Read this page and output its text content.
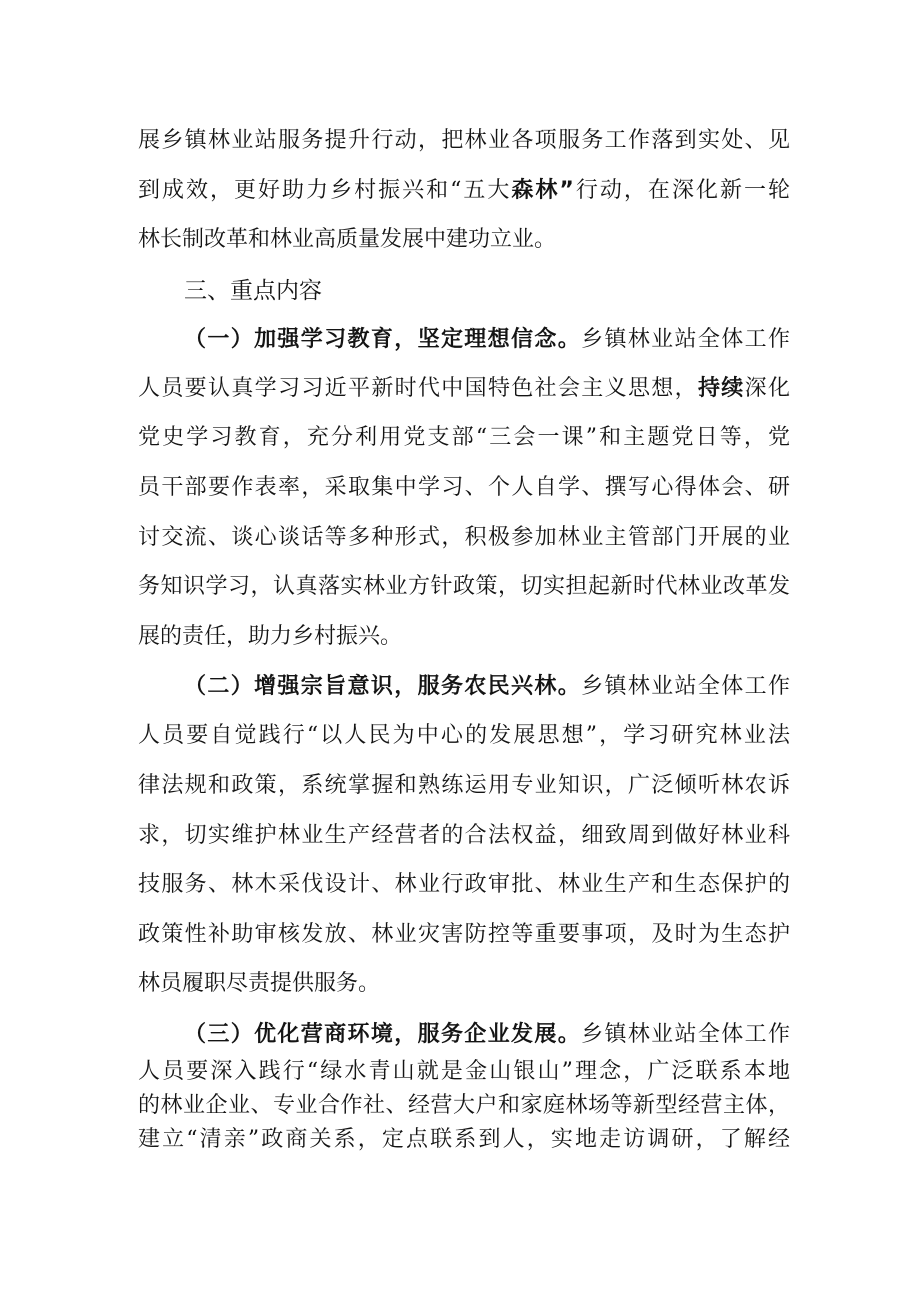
展乡镇林业站服务提升行动，把林业各项服务工作落到实处、见
到成效，更好助力乡村振兴和“五大森林”行动，在深化新一轮
林长制改革和林业高质量发展中建功立业。
三、重点内容
（一）加强学习教育，坚定理想信念。乡镇林业站全体工作
人员要认真学习习近平新时代中国特色社会主义思想，持续深化
党史学习教育，充分利用党支部“三会一课”和主题党日等，党
员干部要作表率，采取集中学习、个人自学、撰写心得体会、研
讨交流、谈心谈话等多种形式，积极参加林业主管部门开展的业
务知识学习，认真落实林业方针政策，切实担起新时代林业改革发
展的责任，助力乡村振兴。
（二）增强宗旨意识，服务农民兴林。乡镇林业站全体工作
人员要自觉践行“以人民为中心的发展思想”，学习研究林业法
律法规和政策，系统掌握和熟练运用专业知识，广泛倾听林农诉
求，切实维护林业生产经营者的合法权益，细致周到做好林业科
技服务、林木采伐设计、林业行政审批、林业生产和生态保护的
政策性补助审核发放、林业灾害防控等重要事项，及时为生态护
林员履职尽责提供服务。
（三）优化营商环境，服务企业发展。乡镇林业站全体工作
人员要深入践行“绿水青山就是金山银山”理念，广泛联系本地
的林业企业、专业合作社、经营大户和家庭林场等新型经营主体，
建立“清亲”政商关系，定点联系到人，实地走访调研，了解经
